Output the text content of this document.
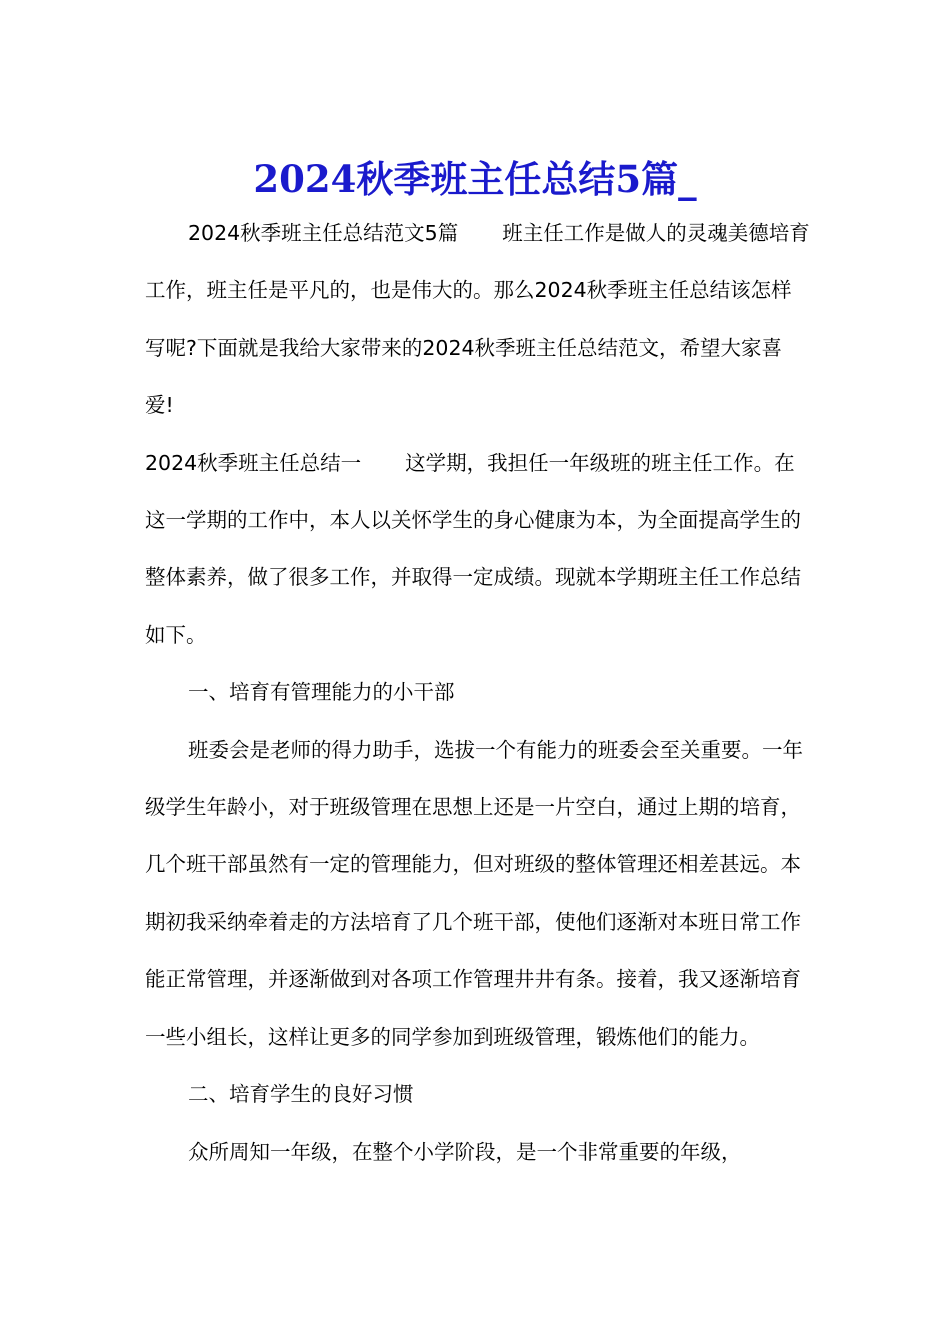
2024秋季班主任总结5篇_

2024秋季班主任总结范文5篇 班主任工作是做人的灵魂美德培育工作，班主任是平凡的，也是伟大的。那么2024秋季班主任总结该怎样写呢?下面就是我给大家带来的2024秋季班主任总结范文，希望大家喜爱!

2024秋季班主任总结一 这学期，我担任一年级班的班主任工作。在这一学期的工作中，本人以关怀学生的身心健康为本，为全面提高学生的整体素养，做了很多工作，并取得一定成绩。现就本学期班主任工作总结如下。

一、培育有管理能力的小干部

班委会是老师的得力助手，选拔一个有能力的班委会至关重要。一年级学生年龄小，对于班级管理在思想上还是一片空白，通过上期的培育，几个班干部虽然有一定的管理能力，但对班级的整体管理还相差甚远。本期初我采纳牵着走的方法培育了几个班干部，使他们逐渐对本班日常工作能正常管理，并逐渐做到对各项工作管理井井有条。接着，我又逐渐培育一些小组长，这样让更多的同学参加到班级管理，锻炼他们的能力。

二、培育学生的良好习惯

众所周知一年级，在整个小学阶段，是一个非常重要的年级，
